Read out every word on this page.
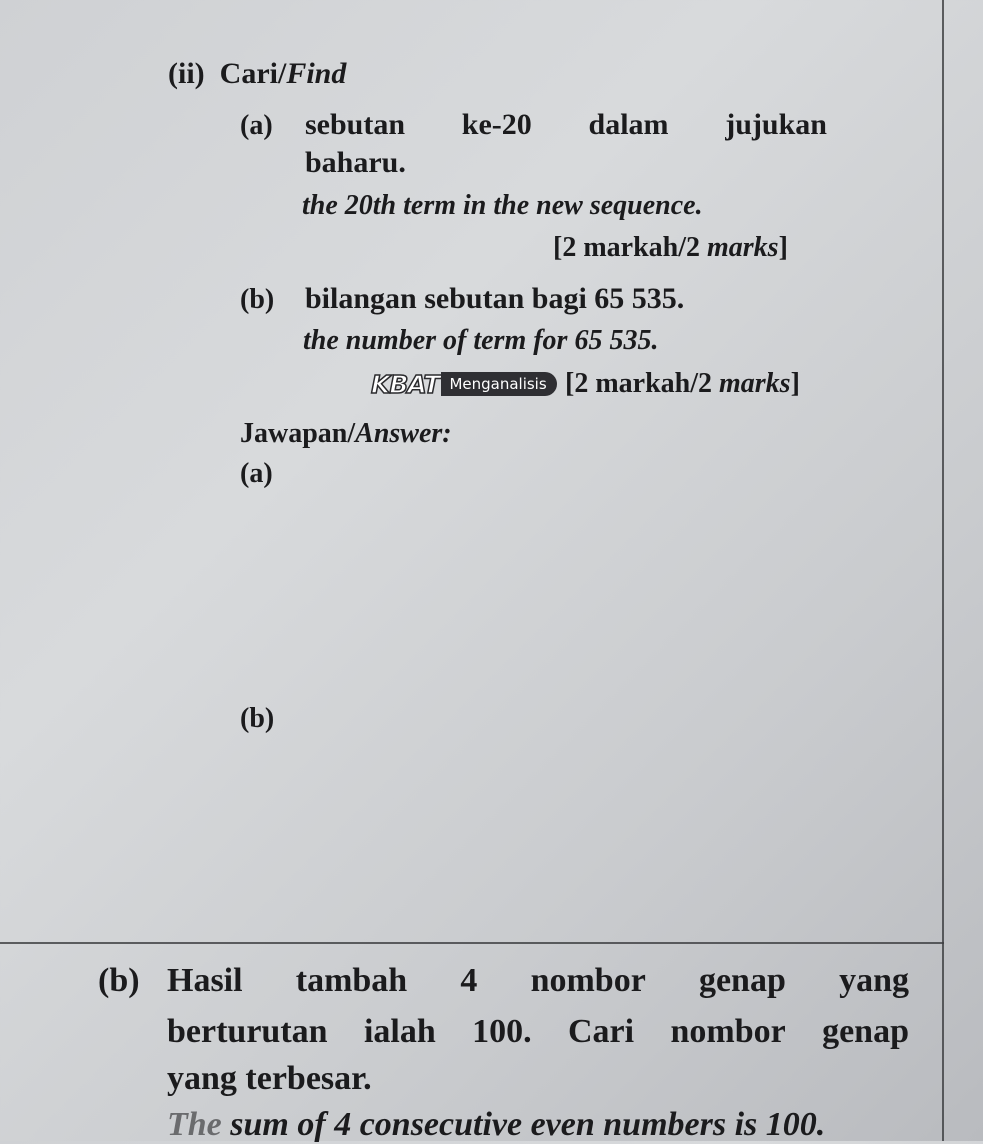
(ii) Cari/Find
(a) sebutan ke-20 dalam jujukan
baharu.
the 20th term in the new sequence.
[2 markah/2 marks]
(b) bilangan sebutan bagi 65 535.
the number of term for 65 535.
KBAT Menganalisis [2 markah/2 marks]
Jawapan/Answer:
(a)
(b)
(b) Hasil tambah 4 nombor genap yang
berturutan ialah 100. Cari nombor genap
yang terbesar.
The sum of 4 consecutive even numbers is 100.
